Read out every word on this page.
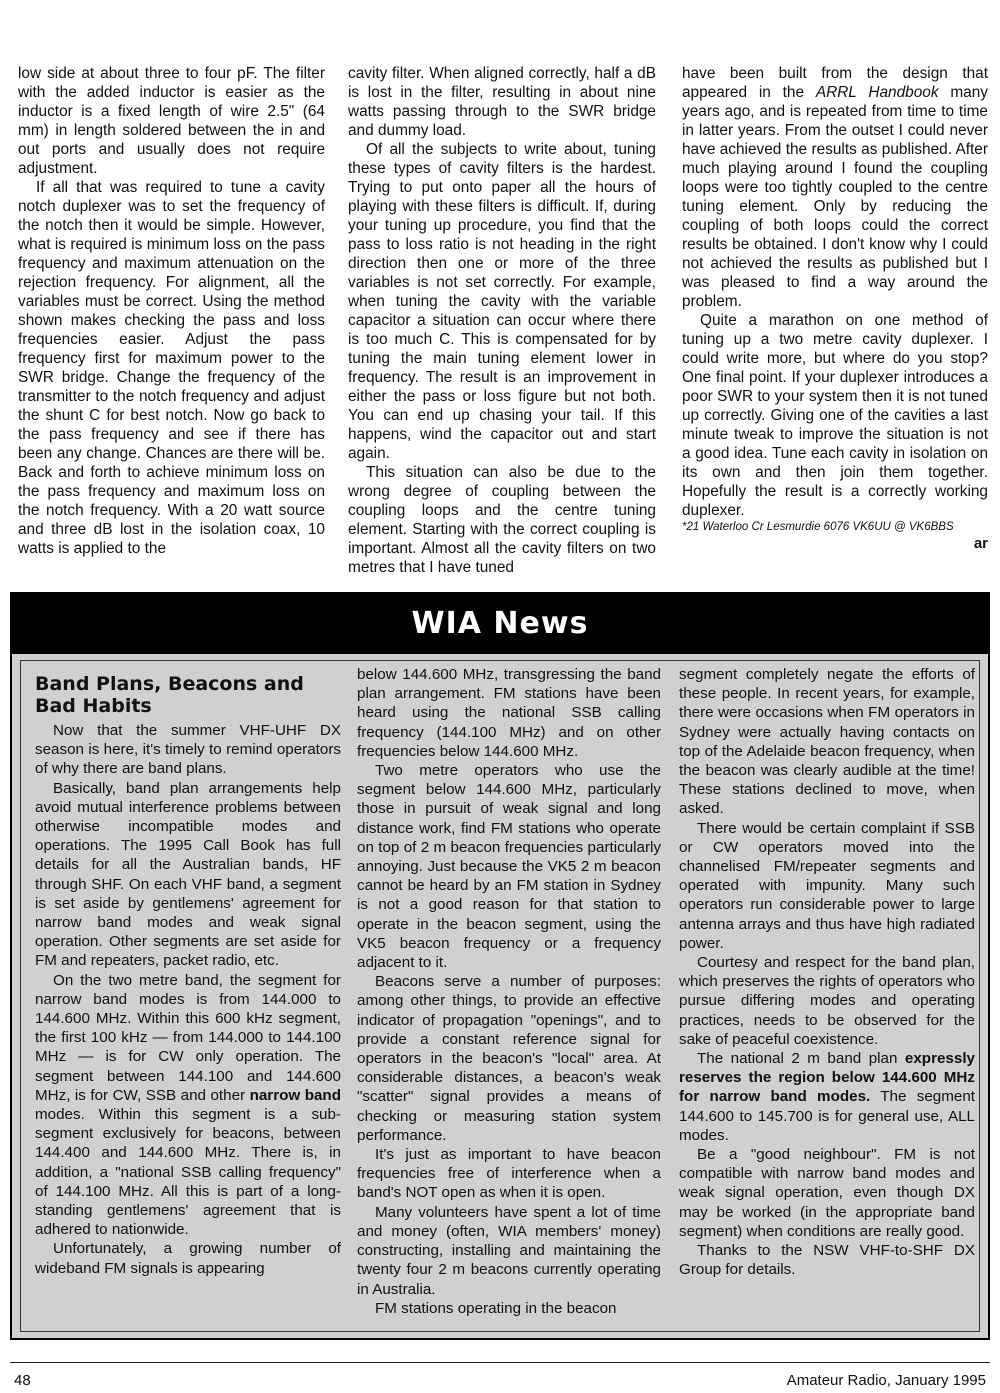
low side at about three to four pF. The filter with the added inductor is easier as the inductor is a fixed length of wire 2.5" (64 mm) in length soldered between the in and out ports and usually does not require adjustment.

If all that was required to tune a cavity notch duplexer was to set the frequency of the notch then it would be simple. However, what is required is minimum loss on the pass frequency and maximum attenuation on the rejection frequency. For alignment, all the variables must be correct. Using the method shown makes checking the pass and loss frequencies easier. Adjust the pass frequency first for maximum power to the SWR bridge. Change the frequency of the transmitter to the notch frequency and adjust the shunt C for best notch. Now go back to the pass frequency and see if there has been any change. Chances are there will be. Back and forth to achieve minimum loss on the pass frequency and maximum loss on the notch frequency. With a 20 watt source and three dB lost in the isolation coax, 10 watts is applied to the

cavity filter. When aligned correctly, half a dB is lost in the filter, resulting in about nine watts passing through to the SWR bridge and dummy load.

Of all the subjects to write about, tuning these types of cavity filters is the hardest. Trying to put onto paper all the hours of playing with these filters is difficult. If, during your tuning up procedure, you find that the pass to loss ratio is not heading in the right direction then one or more of the three variables is not set correctly. For example, when tuning the cavity with the variable capacitor a situation can occur where there is too much C. This is compensated for by tuning the main tuning element lower in frequency. The result is an improvement in either the pass or loss figure but not both. You can end up chasing your tail. If this happens, wind the capacitor out and start again.

This situation can also be due to the wrong degree of coupling between the coupling loops and the centre tuning element. Starting with the correct coupling is important. Almost all the cavity filters on two metres that I have tuned

have been built from the design that appeared in the ARRL Handbook many years ago, and is repeated from time to time in latter years. From the outset I could never have achieved the results as published. After much playing around I found the coupling loops were too tightly coupled to the centre tuning element. Only by reducing the coupling of both loops could the correct results be obtained. I don't know why I could not achieved the results as published but I was pleased to find a way around the problem.

Quite a marathon on one method of tuning up a two metre cavity duplexer. I could write more, but where do you stop? One final point. If your duplexer introduces a poor SWR to your system then it is not tuned up correctly. Giving one of the cavities a last minute tweak to improve the situation is not a good idea. Tune each cavity in isolation on its own and then join them together. Hopefully the result is a correctly working duplexer.

*21 Waterloo Cr Lesmurdie 6076 VK6UU @ VK6BBS

ar

WIA News
Band Plans, Beacons and Bad Habits

Now that the summer VHF-UHF DX season is here, it's timely to remind operators of why there are band plans.

Basically, band plan arrangements help avoid mutual interference problems between otherwise incompatible modes and operations. The 1995 Call Book has full details for all the Australian bands, HF through SHF. On each VHF band, a segment is set aside by gentlemens' agreement for narrow band modes and weak signal operation. Other segments are set aside for FM and repeaters, packet radio, etc.

On the two metre band, the segment for narrow band modes is from 144.000 to 144.600 MHz. Within this 600 kHz segment, the first 100 kHz — from 144.000 to 144.100 MHz — is for CW only operation. The segment between 144.100 and 144.600 MHz, is for CW, SSB and other narrow band modes. Within this segment is a sub-segment exclusively for beacons, between 144.400 and 144.600 MHz. There is, in addition, a "national SSB calling frequency" of 144.100 MHz. All this is part of a long-standing gentlemens' agreement that is adhered to nationwide.

Unfortunately, a growing number of wideband FM signals is appearing

below 144.600 MHz, transgressing the band plan arrangement. FM stations have been heard using the national SSB calling frequency (144.100 MHz) and on other frequencies below 144.600 MHz.

Two metre operators who use the segment below 144.600 MHz, particularly those in pursuit of weak signal and long distance work, find FM stations who operate on top of 2 m beacon frequencies particularly annoying. Just because the VK5 2 m beacon cannot be heard by an FM station in Sydney is not a good reason for that station to operate in the beacon segment, using the VK5 beacon frequency or a frequency adjacent to it.

Beacons serve a number of purposes: among other things, to provide an effective indicator of propagation "openings", and to provide a constant reference signal for operators in the beacon's "local" area. At considerable distances, a beacon's weak "scatter" signal provides a means of checking or measuring station system performance.

It's just as important to have beacon frequencies free of interference when a band's NOT open as when it is open.

Many volunteers have spent a lot of time and money (often, WIA members' money) constructing, installing and maintaining the twenty four 2 m beacons currently operating in Australia.

FM stations operating in the beacon

segment completely negate the efforts of these people. In recent years, for example, there were occasions when FM operators in Sydney were actually having contacts on top of the Adelaide beacon frequency, when the beacon was clearly audible at the time! These stations declined to move, when asked.

There would be certain complaint if SSB or CW operators moved into the channelised FM/repeater segments and operated with impunity. Many such operators run considerable power to large antenna arrays and thus have high radiated power.

Courtesy and respect for the band plan, which preserves the rights of operators who pursue differing modes and operating practices, needs to be observed for the sake of peaceful coexistence.

The national 2 m band plan expressly reserves the region below 144.600 MHz for narrow band modes. The segment 144.600 to 145.700 is for general use, ALL modes.

Be a "good neighbour". FM is not compatible with narrow band modes and weak signal operation, even though DX may be worked (in the appropriate band segment) when conditions are really good.

Thanks to the NSW VHF-to-SHF DX Group for details.

48	Amateur Radio, January 1995
